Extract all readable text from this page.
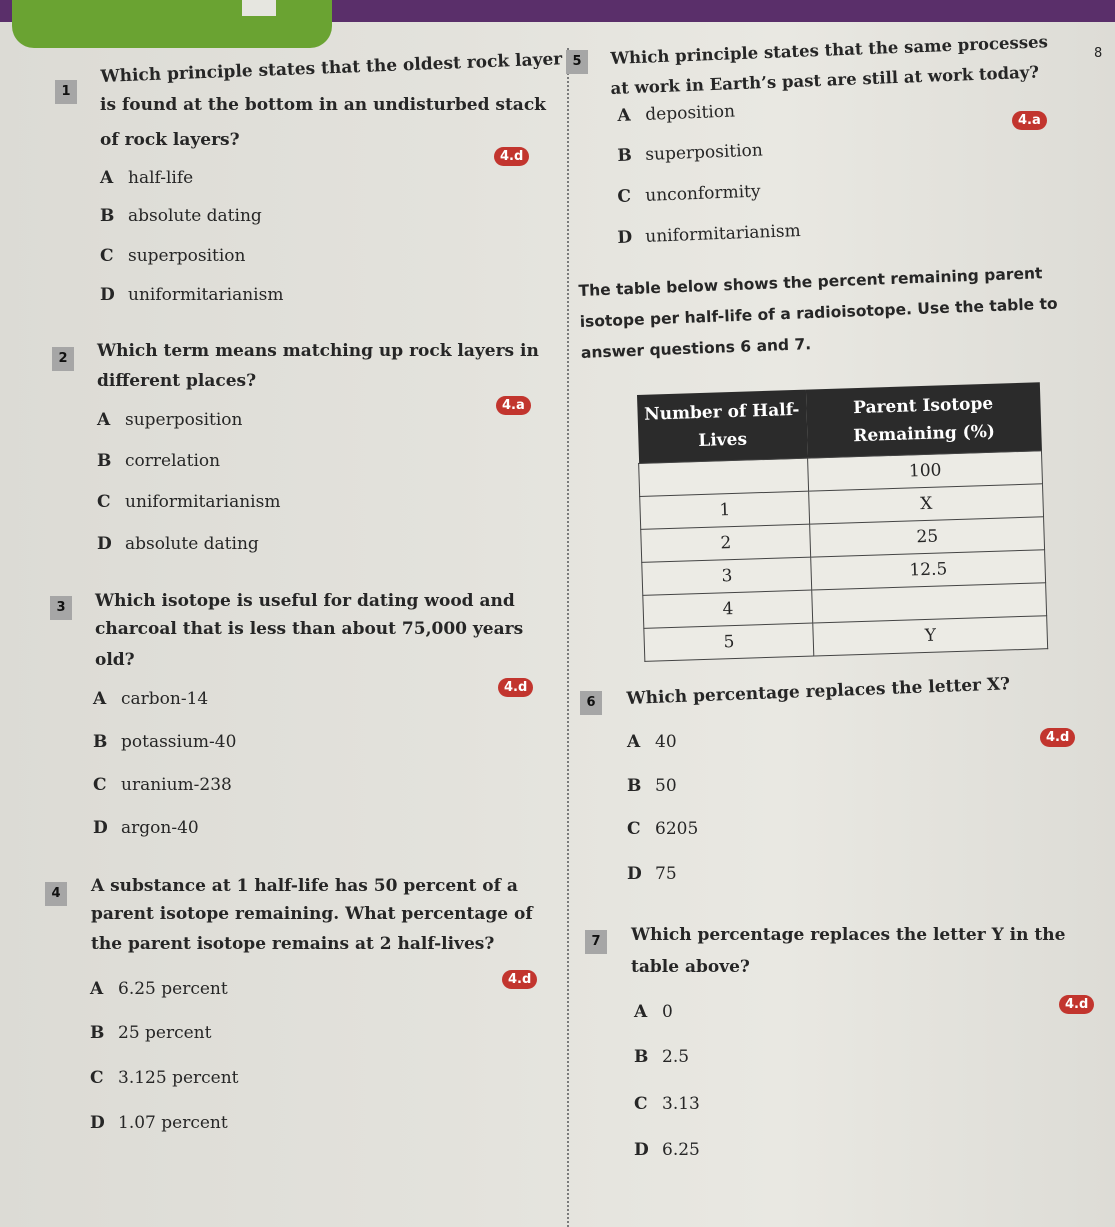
8
1
Which principle states that the oldest rock layer
is found at the bottom in an undisturbed stack
of rock layers?
4.d
A half-life
B absolute dating
C superposition
D uniformitarianism
2	Which term means matching up rock layers in
different places?
4.a
A superposition
B correlation
C uniformitarianism
D absolute dating
3	Which isotope is useful for dating wood and
charcoal that is less than about 75,000 years
old?
4.d
A carbon-14
B potassium-40
C uranium-238
D argon-40
4	A substance at 1 half-life has 50 percent of a
parent isotope remaining. What percentage of
the parent isotope remains at 2 half-lives?
4.d
A 6.25 percent
B 25 percent
C 3.125 percent
D 1.07 percent
5	Which principle states that the same processes
at work in Earth’s past are still at work today?
4.a
A deposition
B superposition
C unconformity
D uniformitarianism
The table below shows the percent remaining parent
isotope per half-life of a radioisotope. Use the table to
answer questions 6 and 7.
Number of Half-Lives	Parent Isotope Remaining (%)
	100
1	X
2	25
3	12.5
4	
5	Y
6	Which percentage replaces the letter X?
4.d
A 40
B 50
C 6205
D 75
7	Which percentage replaces the letter Y in the
table above?
4.d
A 0
B 2.5
C 3.13
D 6.25
